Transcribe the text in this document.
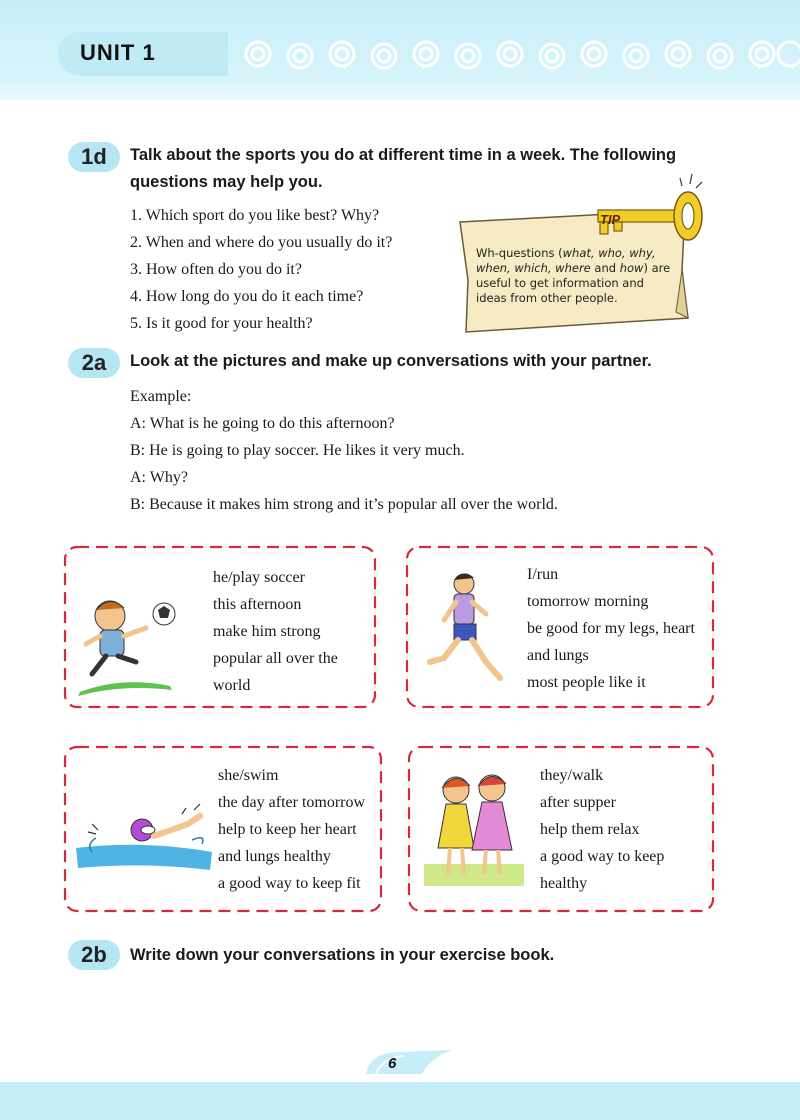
UNIT 1
1d	Talk about the sports you do at different time in a week. The following
questions may help you.
1. Which sport do you like best? Why?
2. When and where do you usually do it?
3. How often do you do it?
4. How long do you do it each time?
5. Is it good for your health?
TIP
Wh-questions (what, who, why, when, which, where and how) are useful to get information and ideas from other people.
2a	Look at the pictures and make up conversations with your partner.
Example:
A: What is he going to do this afternoon?
B: He is going to play soccer. He likes it very much.
A: Why?
B: Because it makes him strong and it’s popular all over the world.
he/play soccer
this afternoon
make him strong
popular all over the
world
I/run
tomorrow morning
be good for my legs, heart
and lungs
most people like it
she/swim
the day after tomorrow
help to keep her heart
and lungs healthy
a good way to keep fit
they/walk
after supper
help them relax
a good way to keep
healthy
2b	Write down your conversations in your exercise book.
6
